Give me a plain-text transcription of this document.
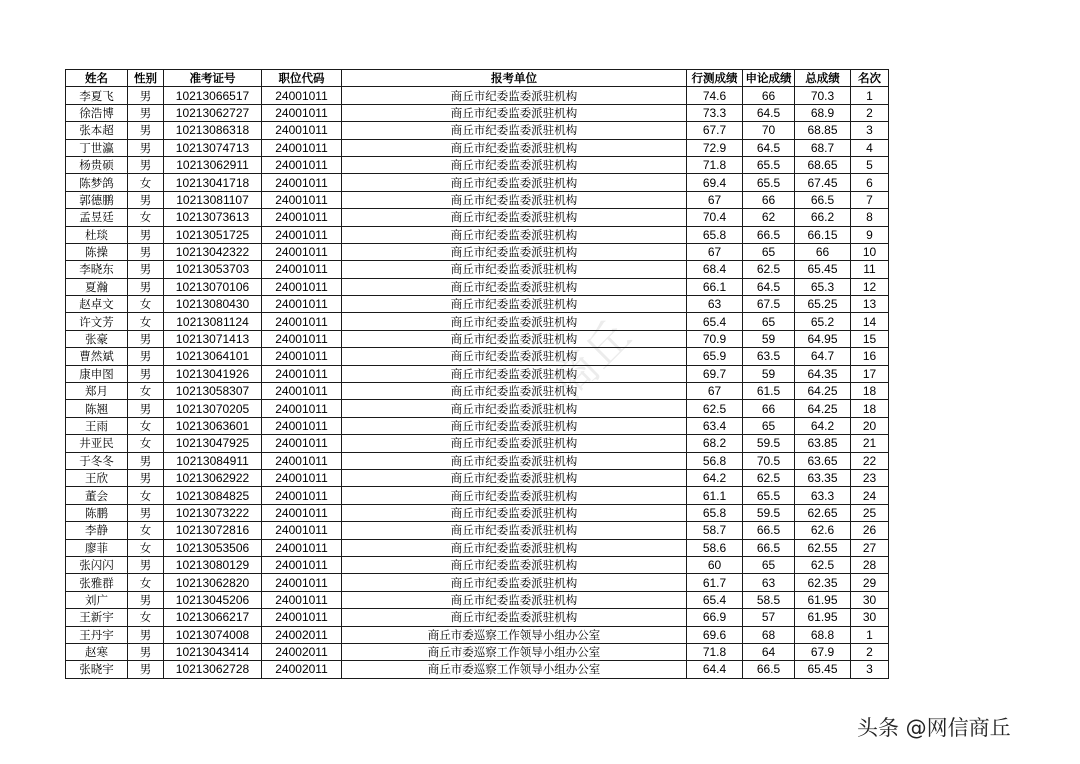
商丘
姓名	性别	准考证号	职位代码	报考单位	行测成绩	申论成绩	总成绩	名次
李夏飞	男	10213066517	24001011	商丘市纪委监委派驻机构	74.6	66	70.3	1
徐浩博	男	10213062727	24001011	商丘市纪委监委派驻机构	73.3	64.5	68.9	2
张本超	男	10213086318	24001011	商丘市纪委监委派驻机构	67.7	70	68.85	3
丁世瀛	男	10213074713	24001011	商丘市纪委监委派驻机构	72.9	64.5	68.7	4
杨贵硕	男	10213062911	24001011	商丘市纪委监委派驻机构	71.8	65.5	68.65	5
陈梦鸽	女	10213041718	24001011	商丘市纪委监委派驻机构	69.4	65.5	67.45	6
郭德鹏	男	10213081107	24001011	商丘市纪委监委派驻机构	67	66	66.5	7
孟昱廷	女	10213073613	24001011	商丘市纪委监委派驻机构	70.4	62	66.2	8
杜琰	男	10213051725	24001011	商丘市纪委监委派驻机构	65.8	66.5	66.15	9
陈操	男	10213042322	24001011	商丘市纪委监委派驻机构	67	65	66	10
李晓东	男	10213053703	24001011	商丘市纪委监委派驻机构	68.4	62.5	65.45	11
夏瀚	男	10213070106	24001011	商丘市纪委监委派驻机构	66.1	64.5	65.3	12
赵卓文	女	10213080430	24001011	商丘市纪委监委派驻机构	63	67.5	65.25	13
许文芳	女	10213081124	24001011	商丘市纪委监委派驻机构	65.4	65	65.2	14
张豪	男	10213071413	24001011	商丘市纪委监委派驻机构	70.9	59	64.95	15
曹然斌	男	10213064101	24001011	商丘市纪委监委派驻机构	65.9	63.5	64.7	16
康申图	男	10213041926	24001011	商丘市纪委监委派驻机构	69.7	59	64.35	17
郑月	女	10213058307	24001011	商丘市纪委监委派驻机构	67	61.5	64.25	18
陈翘	男	10213070205	24001011	商丘市纪委监委派驻机构	62.5	66	64.25	18
王雨	女	10213063601	24001011	商丘市纪委监委派驻机构	63.4	65	64.2	20
井亚民	女	10213047925	24001011	商丘市纪委监委派驻机构	68.2	59.5	63.85	21
于冬冬	男	10213084911	24001011	商丘市纪委监委派驻机构	56.8	70.5	63.65	22
王欣	男	10213062922	24001011	商丘市纪委监委派驻机构	64.2	62.5	63.35	23
董会	女	10213084825	24001011	商丘市纪委监委派驻机构	61.1	65.5	63.3	24
陈鹏	男	10213073222	24001011	商丘市纪委监委派驻机构	65.8	59.5	62.65	25
李静	女	10213072816	24001011	商丘市纪委监委派驻机构	58.7	66.5	62.6	26
廖菲	女	10213053506	24001011	商丘市纪委监委派驻机构	58.6	66.5	62.55	27
张闪闪	男	10213080129	24001011	商丘市纪委监委派驻机构	60	65	62.5	28
张雅群	女	10213062820	24001011	商丘市纪委监委派驻机构	61.7	63	62.35	29
刘广	男	10213045206	24001011	商丘市纪委监委派驻机构	65.4	58.5	61.95	30
王新宇	女	10213066217	24001011	商丘市纪委监委派驻机构	66.9	57	61.95	30
王丹宇	男	10213074008	24002011	商丘市委巡察工作领导小组办公室	69.6	68	68.8	1
赵寒	男	10213043414	24002011	商丘市委巡察工作领导小组办公室	71.8	64	67.9	2
张晓宇	男	10213062728	24002011	商丘市委巡察工作领导小组办公室	64.4	66.5	65.45	3
头条 @网信商丘
